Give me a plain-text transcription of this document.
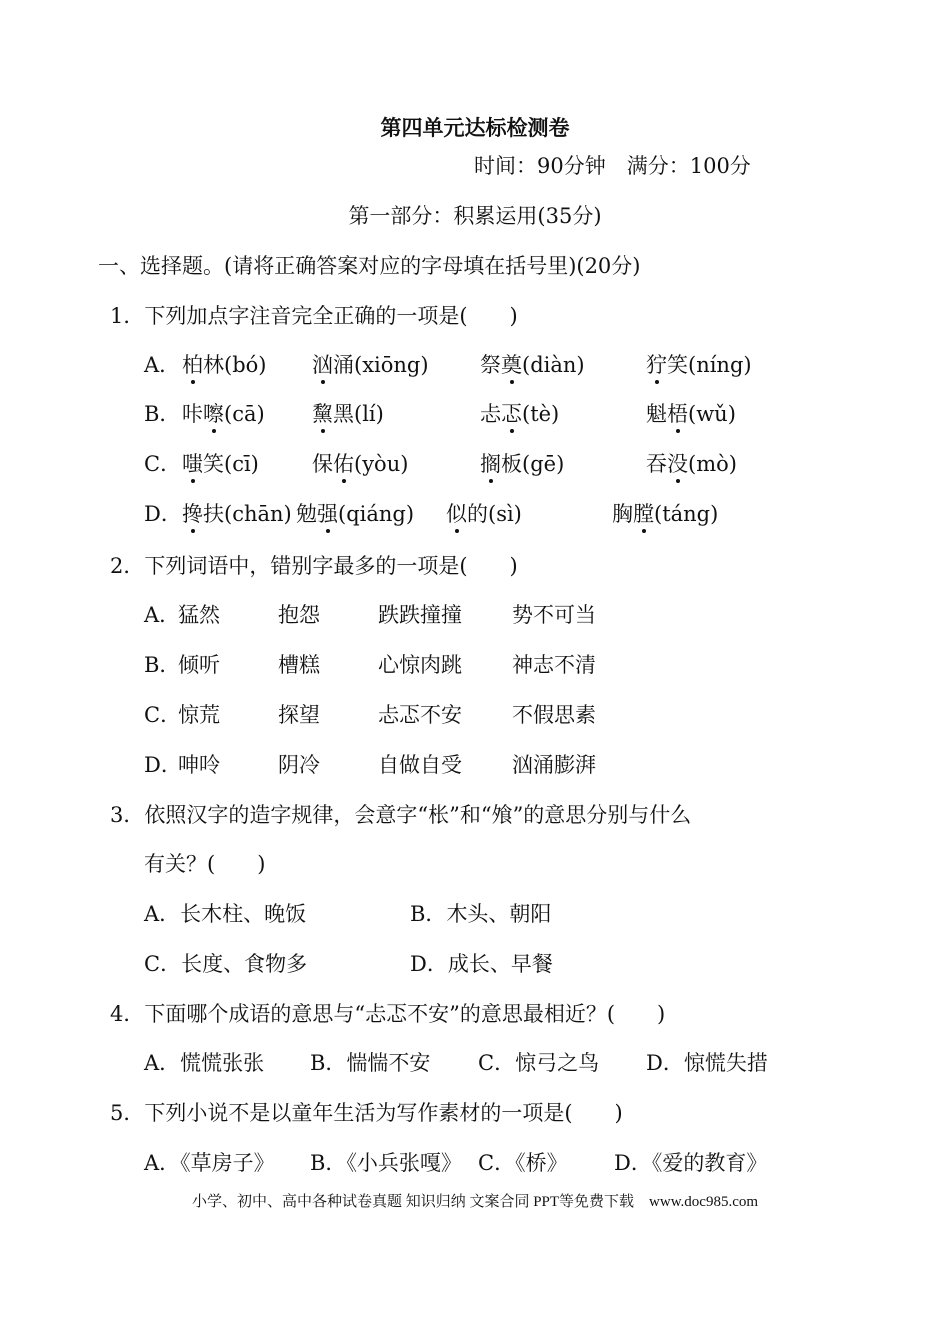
第四单元达标检测卷
时间：90分钟　满分：100分
第一部分：积累运用(35分)
一、选择题。(请将正确答案对应的字母填在括号里)(20分)
1．下列加点字注音完全正确的一项是(　　)
A． 柏林(bó) 汹涌(xiōng) 祭奠(diàn)	狞笑(níng)
B． 咔嚓(cā) 黧黑(lí)	忐忑(tè)	魁梧(wǔ)
C． 嗤笑(cī)	保佑(yòu)	搁板(gē)	吞没(mò)
D． 搀扶(chān) 勉强(qiáng) 似的(sì)	胸膛(táng)
2．下列词语中，错别字最多的一项是(　　)
A．
猛然	抱怨	跌跌撞撞 势不可当
B．
倾听	槽糕	心惊肉跳 神志不清
C．
惊荒	探望	忐忑不安 不假思素
D．
呻呤	阴冷	自做自受 汹涌膨湃
3．依照汉字的造字规律，会意字“枨”和“飧”的意思分别与什么
有关？(　　)
A．长木柱、晚饭	B．木头、朝阳
C．长度、食物多	D．成长、早餐
4．下面哪个成语的意思与“忐忑不安”的意思最相近？(　　)
A．慌慌张张 B．惴惴不安 C．惊弓之鸟 D．惊慌失措
5．下列小说不是以童年生活为写作素材的一项是(　　)
A．《草房子》 B．《小兵张嘎》 C．《桥》 D．《爱的教育》
小学、初中、高中各种试卷真题 知识归纳 文案合同 PPT等免费下载　www.doc985.com
